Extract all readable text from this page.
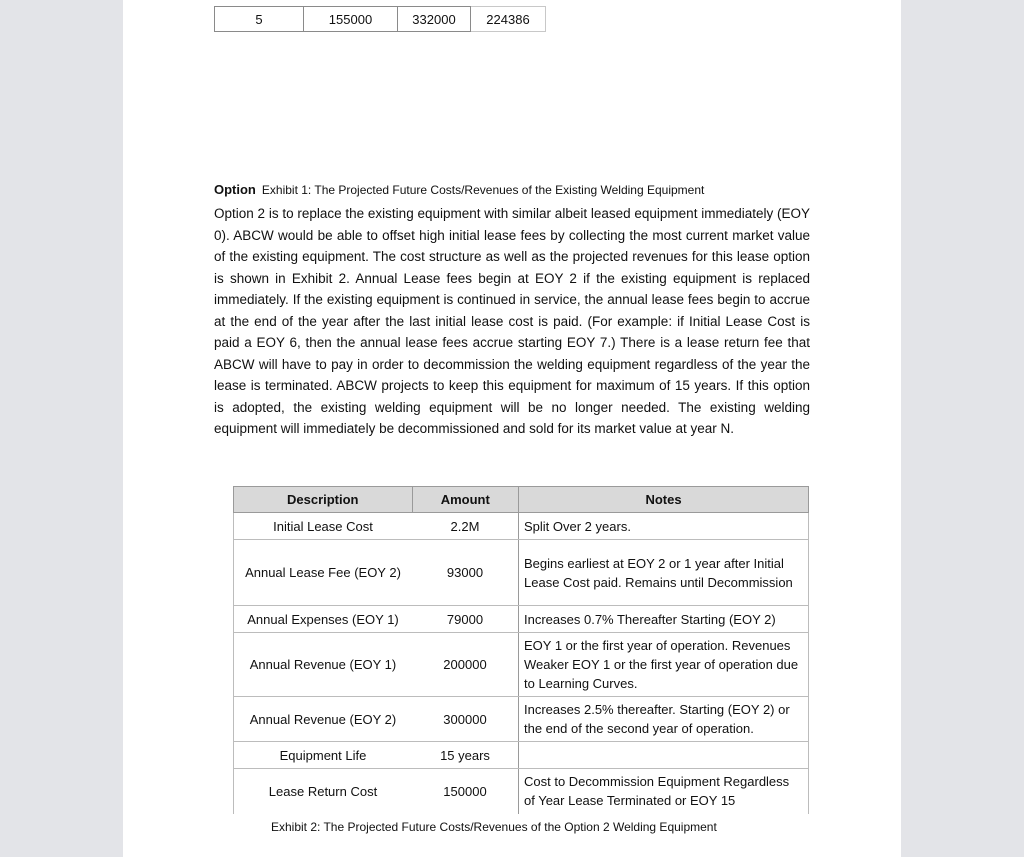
5	155000	332000	224386
Option Exhibit 1: The Projected Future Costs/Revenues of the Existing Welding Equipment
Option 2 is to replace the existing equipment with similar albeit leased equipment immediately (EOY 0). ABCW would be able to offset high initial lease fees by collecting the most current market value of the existing equipment. The cost structure as well as the projected revenues for this lease option is shown in Exhibit 2. Annual Lease fees begin at EOY 2 if the existing equipment is replaced immediately. If the existing equipment is continued in service, the annual lease fees begin to accrue at the end of the year after the last initial lease cost is paid. (For example: if Initial Lease Cost is paid a EOY 6, then the annual lease fees accrue starting EOY 7.) There is a lease return fee that ABCW will have to pay in order to decommission the welding equipment regardless of the year the lease is terminated. ABCW projects to keep this equipment for maximum of 15 years. If this option is adopted, the existing welding equipment will be no longer needed. The existing welding equipment will immediately be decommissioned and sold for its market value at year N.
Description	Amount	Notes
Initial Lease Cost	2.2M	Split Over 2 years.
Annual Lease Fee (EOY 2)	93000	Begins earliest at EOY 2 or 1 year after Initial Lease Cost paid. Remains until Decommission
Annual Expenses (EOY 1)	79000	Increases 0.7% Thereafter Starting (EOY 2)
Annual Revenue (EOY 1)	200000	EOY 1 or the first year of operation. Revenues Weaker EOY 1 or the first year of operation due to Learning Curves.
Annual Revenue (EOY 2)	300000	Increases 2.5% thereafter. Starting (EOY 2) or the end of the second year of operation.
Equipment Life	15 years	
Lease Return Cost	150000	Cost to Decommission Equipment Regardless of Year Lease Terminated or EOY 15
Exhibit 2: The Projected Future Costs/Revenues of the Option 2 Welding Equipment
